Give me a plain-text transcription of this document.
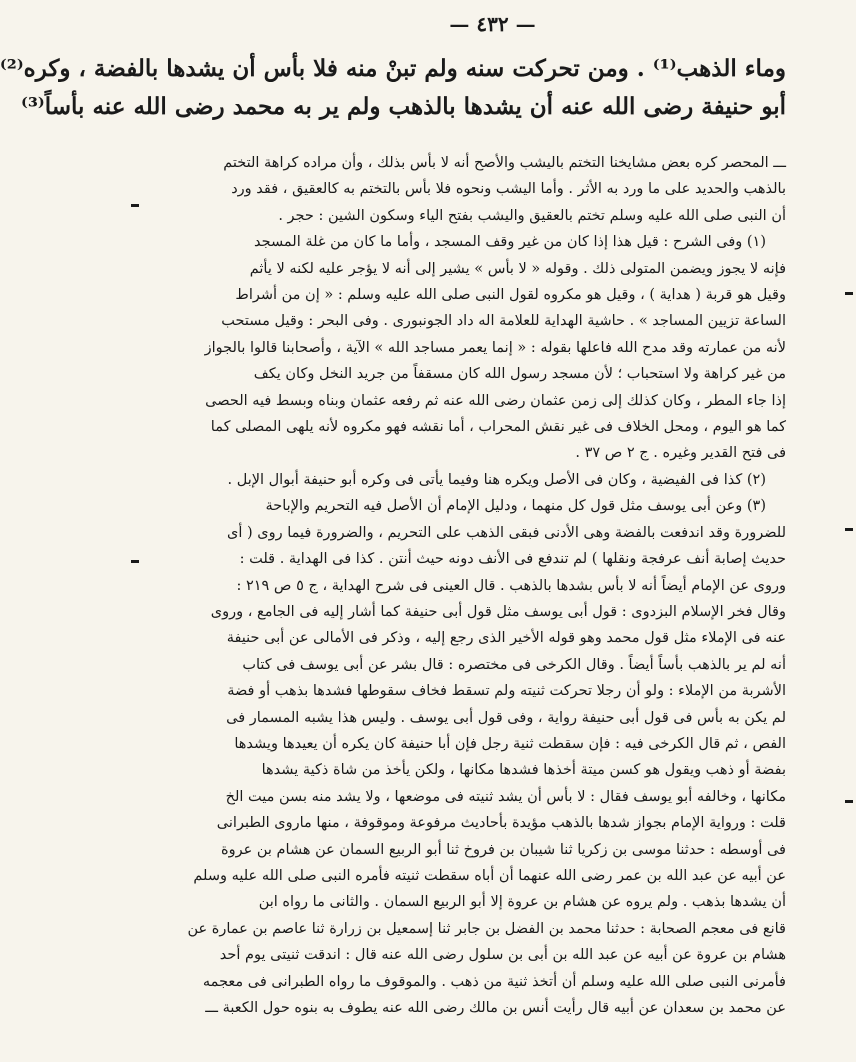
— ٤٣٢ —
وماء الذهب⁽¹⁾ . ومن تحركت سنه ولم تبنْ منه فلا بأس أن يشدها بالفضة ، وكره⁽²⁾
أبو حنيفة رضى الله عنه أن يشدها بالذهب ولم ير به محمد رضى الله عنه بأساً⁽³⁾
ـــ المحصر كره بعض مشايخنا التختم باليشب والأصح أنه لا بأس بذلك ، وأن مراده كراهة التختم
بالذهب والحديد على ما ورد به الأثر . وأما اليشب ونحوه فلا بأس بالتختم به كالعقيق ، فقد ورد
أن النبى صلى الله عليه وسلم تختم بالعقيق واليشب بفتح الياء وسكون الشين : حجر .
(١) وفى الشرح : قيل هذا إذا كان من غير وقف المسجد ، وأما ما كان من غلة المسجد
فإنه لا يجوز ويضمن المتولى ذلك . وقوله « لا بأس » يشير إلى أنه لا يؤجر عليه لكنه لا يأثم
وقيل هو قربة ( هداية ) ، وقيل هو مكروه لقول النبى صلى الله عليه وسلم : « إن من أشراط
الساعة تزيين المساجد » . حاشية الهداية للعلامة اله داد الجونبورى . وفى البحر : وقيل مستحب
لأنه من عمارته وقد مدح الله فاعلها بقوله : « إنما يعمر مساجد الله » الآية ، وأصحابنا قالوا بالجواز
من غير كراهة ولا استحباب ؛ لأن مسجد رسول الله كان مسقفاً من جريد النخل وكان يكف
إذا جاء المطر ، وكان كذلك إلى زمن عثمان رضى الله عنه ثم رفعه عثمان وبناه وبسط فيه الحصى
كما هو اليوم ، ومحل الخلاف فى غير نقش المحراب ، أما نقشه فهو مكروه لأنه يلهى المصلى كما
فى فتح القدير وغيره . ج ٢ ص ٣٧ .
(٢) كذا فى الفيضية ، وكان فى الأصل ويكره هنا وفيما يأتى فى وكره أبو حنيفة أبوال الإبل .
(٣) وعن أبى يوسف مثل قول كل منهما ، ودليل الإمام أن الأصل فيه التحريم والإباحة
للضرورة وقد اندفعت بالفضة وهى الأدنى فبقى الذهب على التحريم ، والضرورة فيما روى ( أى
حديث إصابة أنف عرفجة ونقلها ) لم تندفع فى الأنف دونه حيث أنتن . كذا فى الهداية . قلت :
وروى عن الإمام أيضاً أنه لا بأس بشدها بالذهب . قال العينى فى شرح الهداية ، ج ٥ ص ٢١٩ :
وقال فخر الإسلام البزدوى : قول أبى يوسف مثل قول أبى حنيفة كما أشار إليه فى الجامع ، وروى
عنه فى الإملاء مثل قول محمد وهو قوله الأخير الذى رجع إليه ، وذكر فى الأمالى عن أبى حنيفة
أنه لم ير بالذهب بأساً أيضاً . وقال الكرخى فى مختصره : قال بشر عن أبى يوسف فى كتاب
الأشربة من الإملاء : ولو أن رجلا تحركت ثنيته ولم تسقط فخاف سقوطها فشدها بذهب أو فضة
لم يكن به بأس فى قول أبى حنيفة رواية ، وفى قول أبى يوسف . وليس هذا يشبه المسمار فى
الفص ، ثم قال الكرخى فيه : فإن سقطت ثنية رجل فإن أبا حنيفة كان يكره أن يعيدها ويشدها
بفضة أو ذهب ويقول هو كسن ميتة أخذها فشدها مكانها ، ولكن يأخذ من شاة ذكية يشدها
مكانها ، وخالفه أبو يوسف فقال : لا بأس أن يشد ثنيته فى موضعها ، ولا يشد منه بسن ميت الخ
قلت : ورواية الإمام بجواز شدها بالذهب مؤيدة بأحاديث مرفوعة وموقوفة ، منها ماروى الطبرانى
فى أوسطه : حدثنا موسى بن زكريا ثنا شيبان بن فروخ ثنا أبو الربيع السمان عن هشام بن عروة
عن أبيه عن عبد الله بن عمر رضى الله عنهما أن أباه سقطت ثنيته فأمره النبى صلى الله عليه وسلم
أن يشدها بذهب . ولم يروه عن هشام بن عروة إلا أبو الربيع السمان . والثانى ما رواه ابن
قانع فى معجم الصحابة : حدثنا محمد بن الفضل بن جابر ثنا إسمعيل بن زرارة ثنا عاصم بن عمارة عن
هشام بن عروة عن أبيه عن عبد الله بن أبى بن سلول رضى الله عنه قال : اندقت ثنيتى يوم أحد
فأمرنى النبى صلى الله عليه وسلم أن أتخذ ثنية من ذهب . والموقوف ما رواه الطبرانى فى معجمه
عن محمد بن سعدان عن أبيه قال رأيت أنس بن مالك رضى الله عنه يطوف به بنوه حول الكعبة ـــ
